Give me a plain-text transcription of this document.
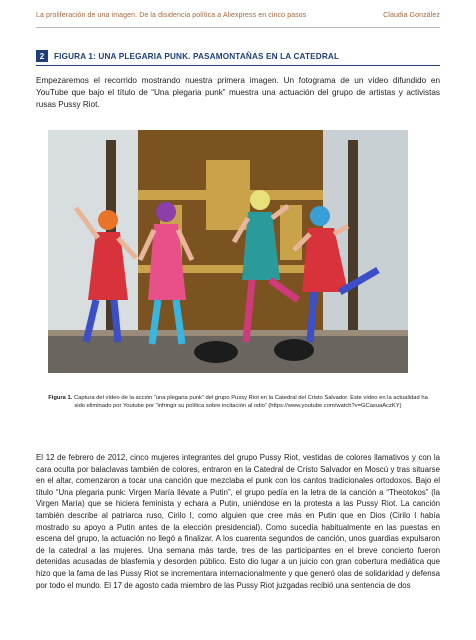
La proliferación de una imagen. De la disidencia política a Aliexpress en cinco pasos	Claudia González
2	FIGURA 1: UNA PLEGARIA PUNK. PASAMONTAÑAS EN LA CATEDRAL

Empezaremos el recorrido mostrando nuestra primera imagen. Un fotograma de un vídeo difundido en YouTube que bajo el título de “Una plegaria punk” muestra una actuación del grupo de artistas y activistas rusas Pussy Riot.

Figura 1. Captura del vídeo de la acción “una plegaria punk” del grupo Pussy Riot en la Catedral del Cristo Salvador. Este vídeo en la actualidad ha sido eliminado por Youtube por “infringir su política sobre incitación al odio” (https://www.youtube.com/watch?v=GCasuaAczKY)

El 12 de febrero de 2012, cinco mujeres integrantes del grupo Pussy Riot, vestidas de colores llamativos y con la cara oculta por balaclavas también de colores, entraron en la Catedral de Cristo Salvador en Moscú y tras situarse en el altar, comenzaron a tocar una canción que mezclaba el punk con los cantos tradicionales ortodoxos. Bajo el título “Una plegaria punk: Virgen María llévate a Putin”, el grupo pedía en la letra de la canción a “Theotokos” (la Virgen María) que se hiciera feminista y echara a Putin, uniéndose en la protesta a las Pussy Riot. La canción también describe al patriarca ruso, Cirilo I, como alguien que cree más en Putin que en Dios (Cirilo I había mostrado su apoyo a Putin antes de la elección presidencial). Como sucedía habitualmente en las puestas en escena del grupo, la actuación no llegó a finalizar. A los cuarenta segundos de canción, unos guardias expulsaron de la catedral a las mujeres. Una semana más tarde, tres de las participantes en el breve concierto fueron detenidas acusadas de blasfemia y desorden público. Esto dio lugar a un juicio con gran cobertura mediática que hizo que la fama de las Pussy Riot se incrementara internacionalmente y que generó olas de solidaridad y defensa por todo el mundo. El 17 de agosto cada miembro de las Pussy Riot juzgadas recibió una sentencia de dos
